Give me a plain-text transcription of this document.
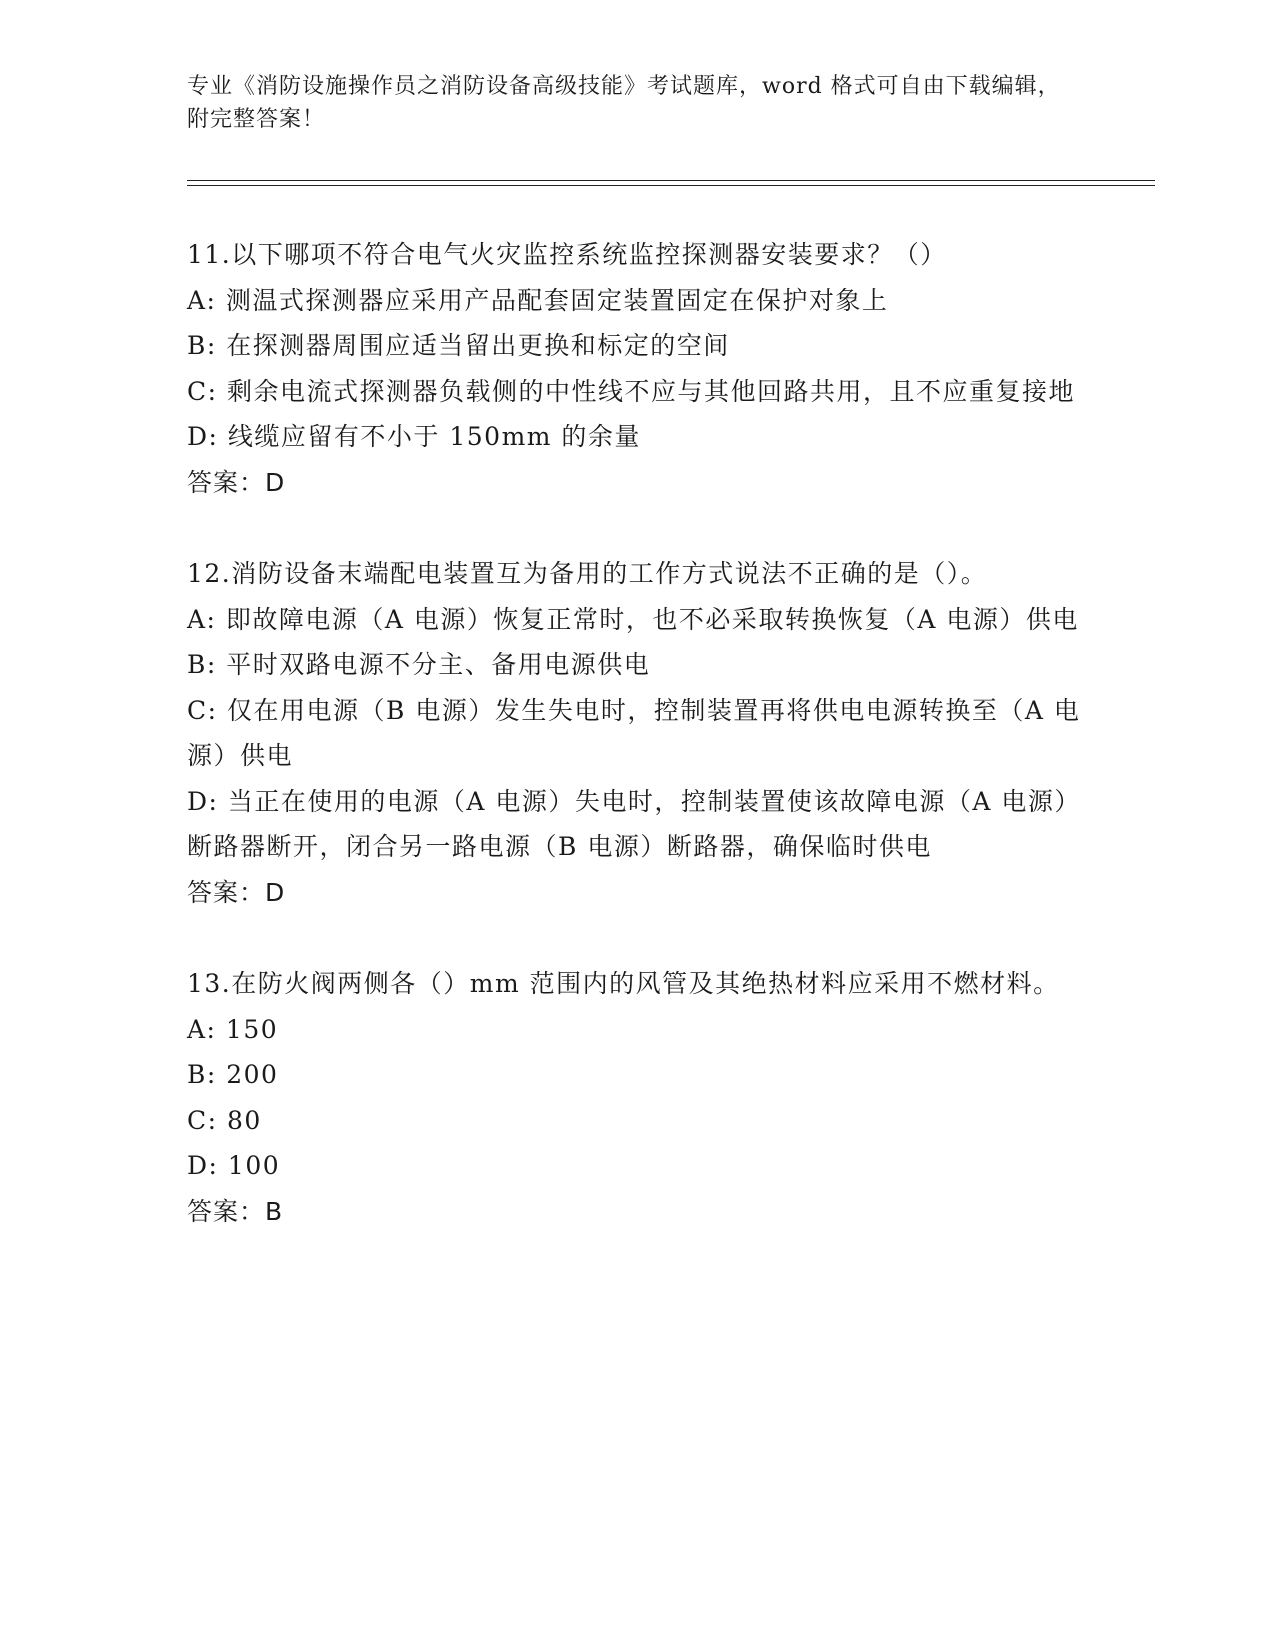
专业《消防设施操作员之消防设备高级技能》考试题库，word 格式可自由下载编辑，附完整答案！
11.以下哪项不符合电气火灾监控系统监控探测器安装要求？（）
A: 测温式探测器应采用产品配套固定装置固定在保护对象上
B: 在探测器周围应适当留出更换和标定的空间
C: 剩余电流式探测器负载侧的中性线不应与其他回路共用，且不应重复接地
D: 线缆应留有不小于 150mm 的余量
答案：D
12.消防设备末端配电装置互为备用的工作方式说法不正确的是（）。
A: 即故障电源（A 电源）恢复正常时，也不必采取转换恢复（A 电源）供电
B: 平时双路电源不分主、备用电源供电
C: 仅在用电源（B 电源）发生失电时，控制装置再将供电电源转换至（A 电源）供电
D: 当正在使用的电源（A 电源）失电时，控制装置使该故障电源（A 电源）断路器断开，闭合另一路电源（B 电源）断路器，确保临时供电
答案：D
13.在防火阀两侧各（）mm 范围内的风管及其绝热材料应采用不燃材料。
A: 150
B: 200
C: 80
D: 100
答案：B
